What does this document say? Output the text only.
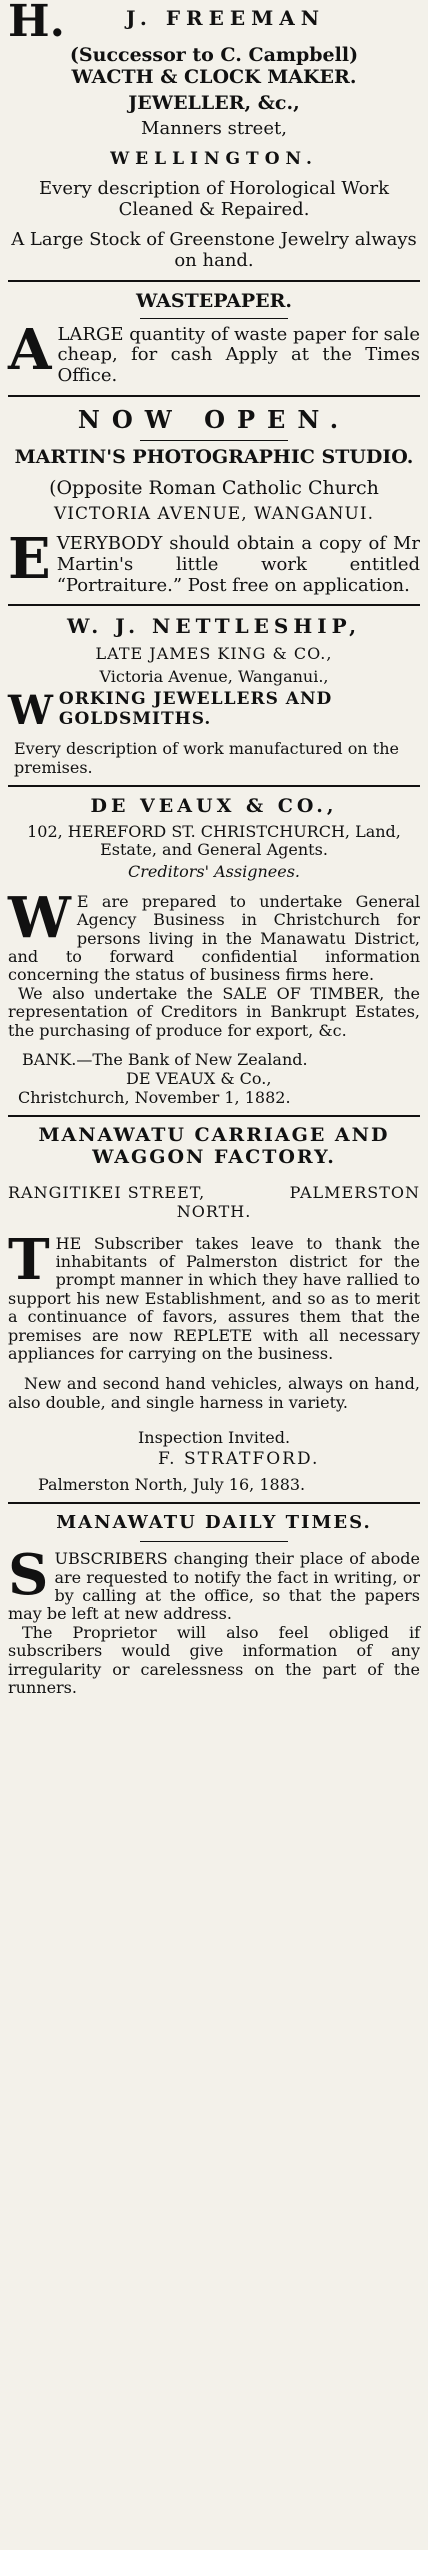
H.	J. FREEMAN

(Successor to C. Campbell)

WACTH & CLOCK MAKER.

JEWELLER, &c.,

Manners street,

WELLINGTON.

Every description of Horological Work Cleaned & Repaired.

A Large Stock of Greenstone Jewelry always on hand.

WASTEPAPER.

A LARGE quantity of waste paper for sale cheap, for cash Apply at the Times Office.

NOW OPEN.

MARTIN'S PHOTOGRAPHIC STUDIO.

(Opposite Roman Catholic Church

VICTORIA AVENUE, WANGANUI.

E VERYBODY should obtain a copy of Mr Martin's little work entitled “Portraiture.” Post free on application.

W. J. NETTLESHIP,

LATE JAMES KING & CO.,

Victoria Avenue, Wanganui.,

W ORKING JEWELLERS AND GOLDSMITHS.

Every description of work manufactured on the premises.

DE VEAUX & CO.,

102, HEREFORD ST. CHRISTCHURCH, Land, Estate, and General Agents.

Creditors' Assignees.

W E are prepared to undertake General Agency Business in Christchurch for persons living in the Manawatu District, and to forward confidential information concerning the status of business firms here.

We also undertake the SALE OF TIMBER, the representation of Creditors in Bankrupt Estates, the purchasing of produce for export, &c.

BANK.—The Bank of New Zealand.

DE VEAUX & Co.,

Christchurch, November 1, 1882.

MANAWATU CARRIAGE AND WAGGON FACTORY.

RANGITIKEI STREET,	PALMERSTON

NORTH.

T HE Subscriber takes leave to thank the inhabitants of Palmerston district for the prompt manner in which they have rallied to support his new Establishment, and so as to merit a continuance of favors, assures them that the premises are now REPLETE with all necessary appliances for carrying on the business.

New and second hand vehicles, always on hand, also double, and single harness in variety.

Inspection Invited.

F. STRATFORD.

Palmerston North, July 16, 1883.

MANAWATU DAILY TIMES.

S UBSCRIBERS changing their place of abode are requested to notify the fact in writing, or by calling at the office, so that the papers may be left at new address.

The Proprietor will also feel obliged if subscribers would give information of any irregularity or carelessness on the part of the runners.
